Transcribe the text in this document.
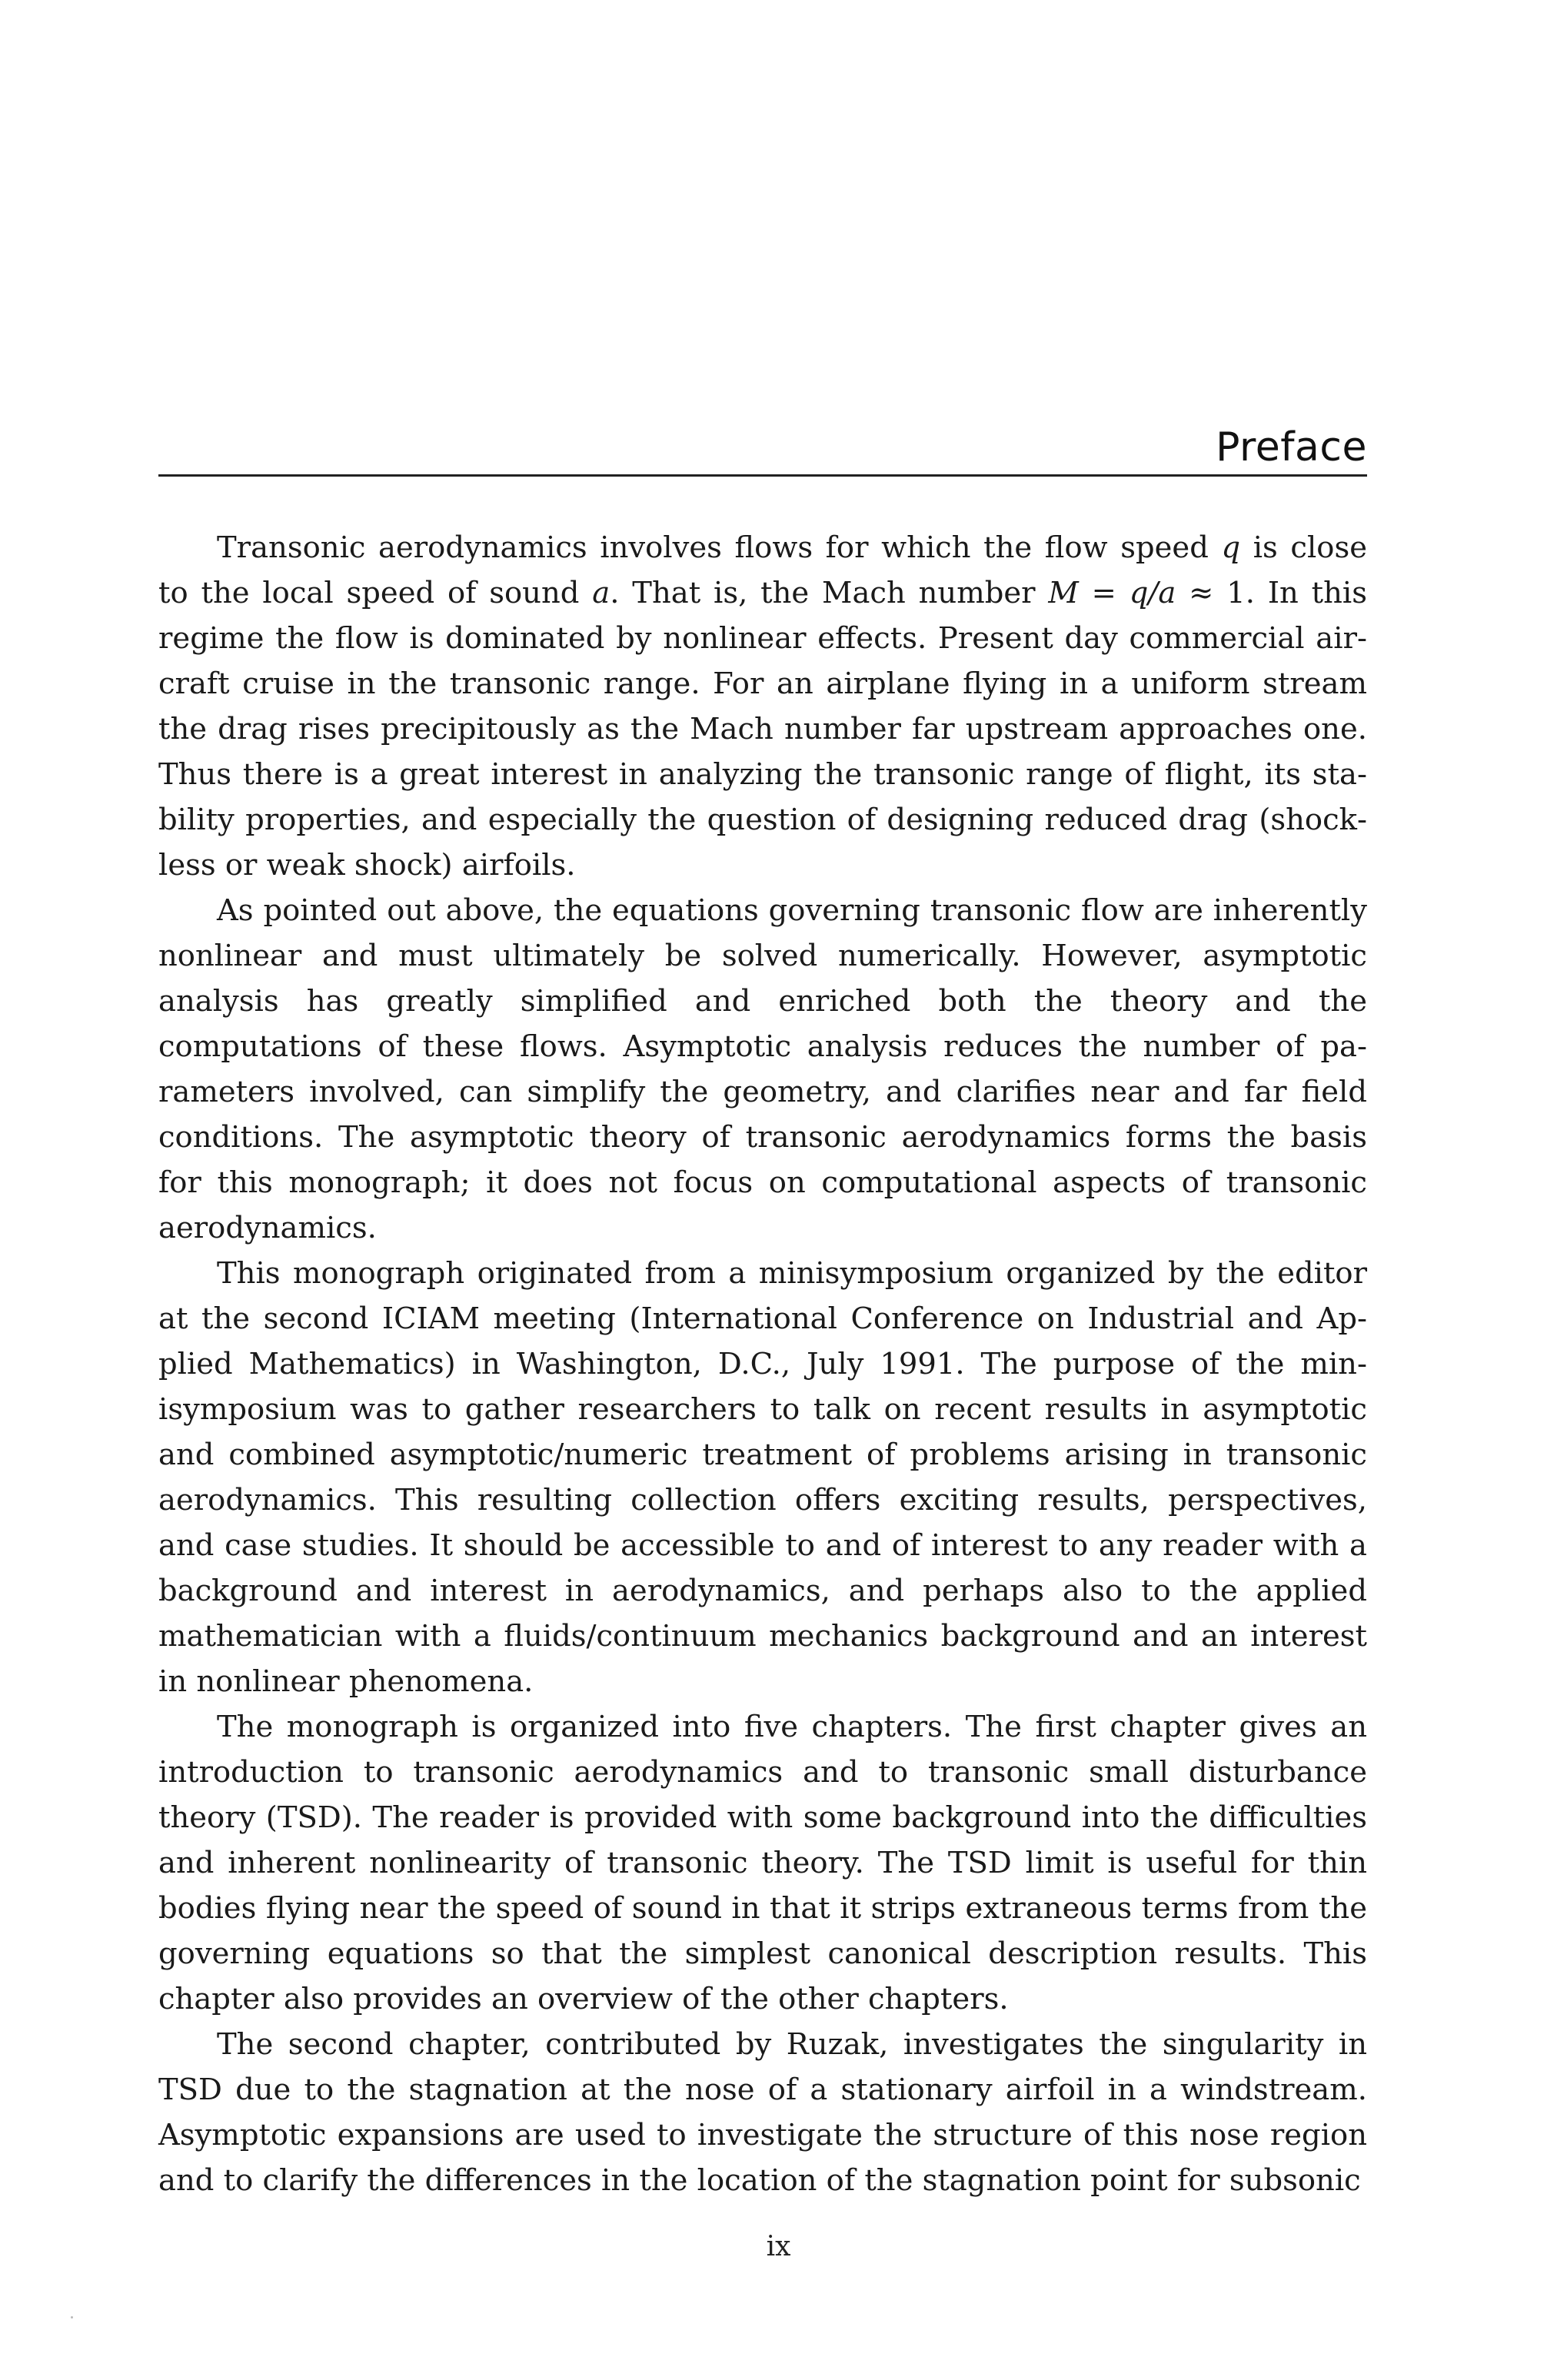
Preface

Transonic aerodynamics involves flows for which the flow speed q is close to the local speed of sound a. That is, the Mach number M = q/a ≈ 1. In this regime the flow is dominated by nonlinear effects. Present day commercial aircraft cruise in the transonic range. For an airplane flying in a uniform stream the drag rises precipitously as the Mach number far upstream approaches one. Thus there is a great interest in analyzing the transonic range of flight, its stability properties, and especially the question of designing reduced drag (shockless or weak shock) airfoils.

As pointed out above, the equations governing transonic flow are inherently nonlinear and must ultimately be solved numerically. However, asymptotic analysis has greatly simplified and enriched both the theory and the computations of these flows. Asymptotic analysis reduces the number of parameters involved, can simplify the geometry, and clarifies near and far field conditions. The asymptotic theory of transonic aerodynamics forms the basis for this monograph; it does not focus on computational aspects of transonic aerodynamics.

This monograph originated from a minisymposium organized by the editor at the second ICIAM meeting (International Conference on Industrial and Applied Mathematics) in Washington, D.C., July 1991. The purpose of the minisymposium was to gather researchers to talk on recent results in asymptotic and combined asymptotic/numeric treatment of problems arising in transonic aerodynamics. This resulting collection offers exciting results, perspectives, and case studies. It should be accessible to and of interest to any reader with a background and interest in aerodynamics, and perhaps also to the applied mathematician with a fluids/continuum mechanics background and an interest in nonlinear phenomena.

The monograph is organized into five chapters. The first chapter gives an introduction to transonic aerodynamics and to transonic small disturbance theory (TSD). The reader is provided with some background into the difficulties and inherent nonlinearity of transonic theory. The TSD limit is useful for thin bodies flying near the speed of sound in that it strips extraneous terms from the governing equations so that the simplest canonical description results. This chapter also provides an overview of the other chapters.

The second chapter, contributed by Ruzak, investigates the singularity in TSD due to the stagnation at the nose of a stationary airfoil in a windstream. Asymptotic expansions are used to investigate the structure of this nose region and to clarify the differences in the location of the stagnation point for subsonic

ix
